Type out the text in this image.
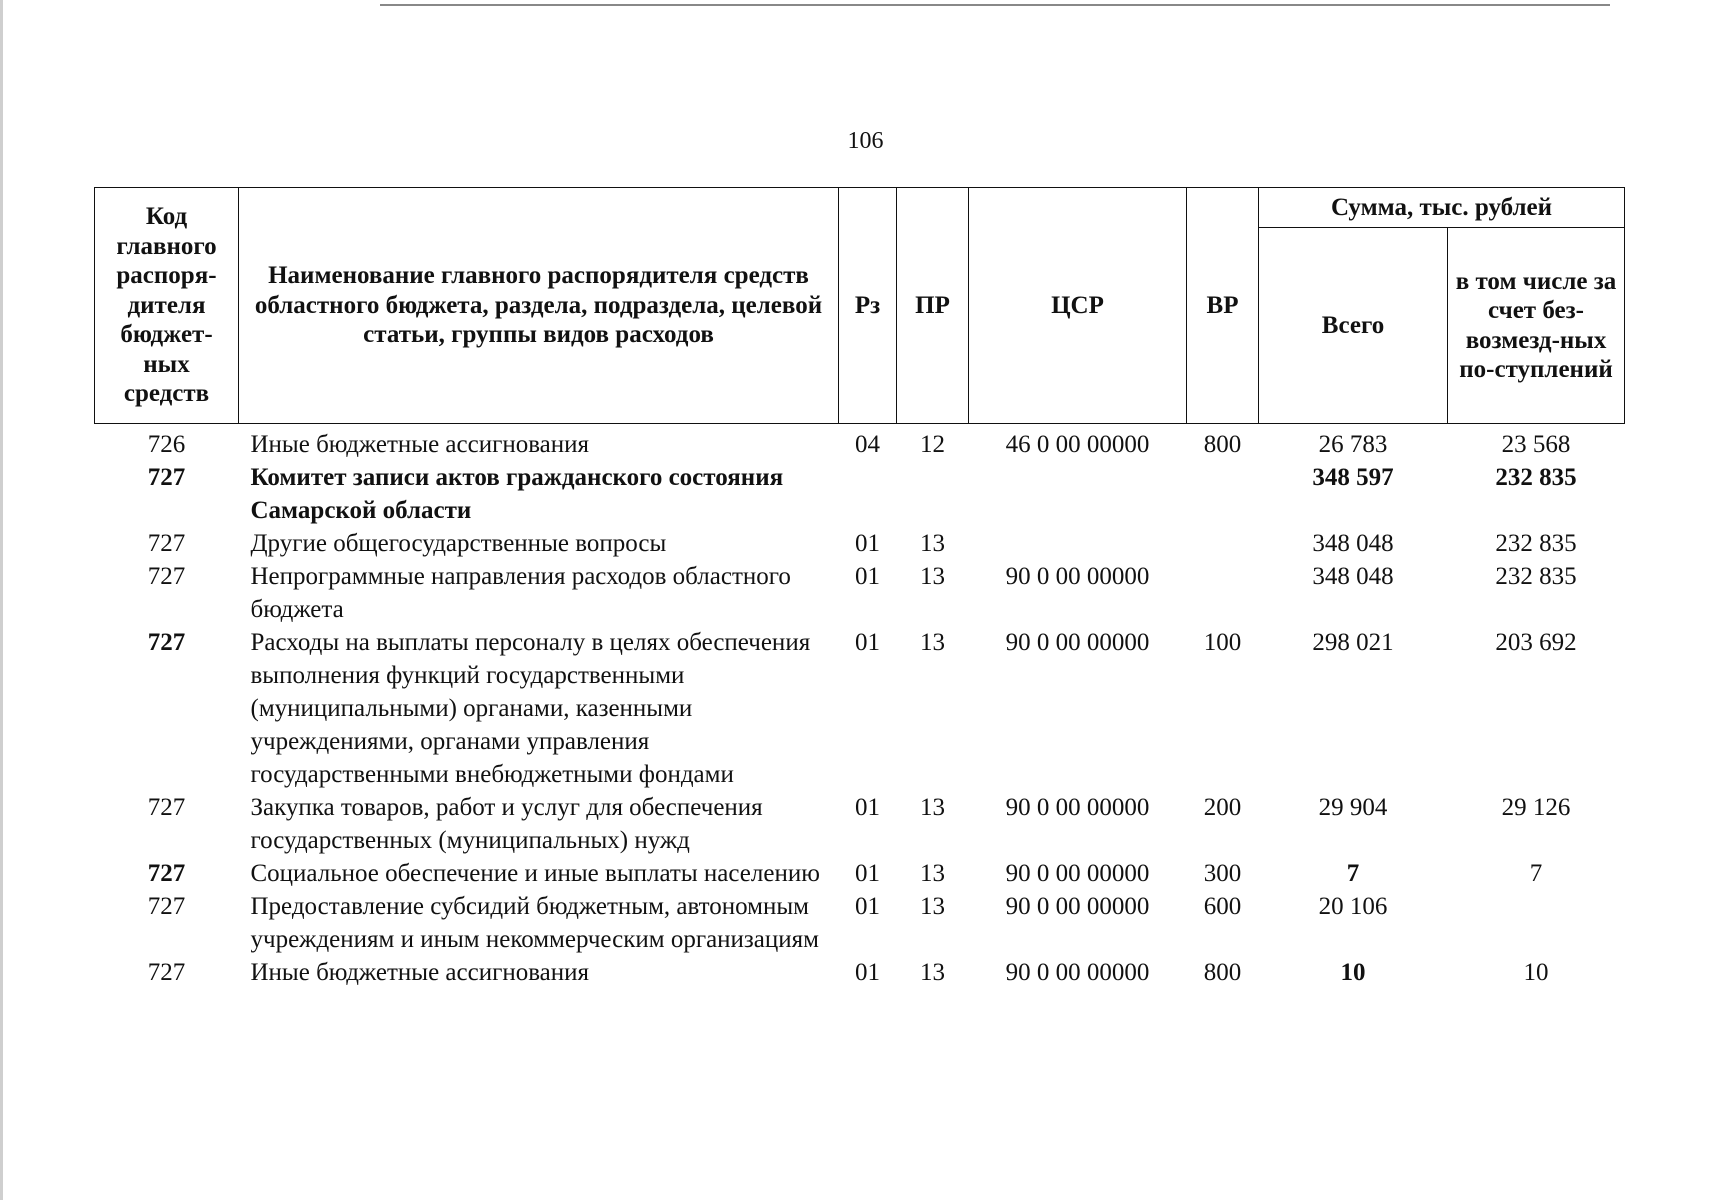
106
Код главного распоря-дителя бюджет-ных средств	Наименование главного распорядителя средств областного бюджета, раздела, подраздела, целевой статьи, группы видов расходов	Рз	ПР	ЦСР	ВР	Сумма, тыс. рублей	
						Всего	в том числе за счет без-возмезд-ных по-ступлений
726	Иные бюджетные ассигнования	04	12	46 0 00 00000	800	26 783	23 568
727	Комитет записи актов гражданского состояния Самарской области					348 597	232 835
727	Другие общегосударственные вопросы	01	13			348 048	232 835
727	Непрограммные направления расходов областного бюджета	01	13	90 0 00 00000		348 048	232 835
727	Расходы на выплаты персоналу в целях обеспечения выполнения функций государственными (муниципальными) органами, казенными учреждениями, органами управления государственными внебюджетными фондами	01	13	90 0 00 00000	100	298 021	203 692
727	Закупка товаров, работ и услуг для обеспечения государственных (муниципальных) нужд	01	13	90 0 00 00000	200	29 904	29 126
727	Социальное обеспечение и иные выплаты населению	01	13	90 0 00 00000	300	7	7
727	Предоставление субсидий бюджетным, автономным учреждениям и иным некоммерческим организациям	01	13	90 0 00 00000	600	20 106	
727	Иные бюджетные ассигнования	01	13	90 0 00 00000	800	10	10
